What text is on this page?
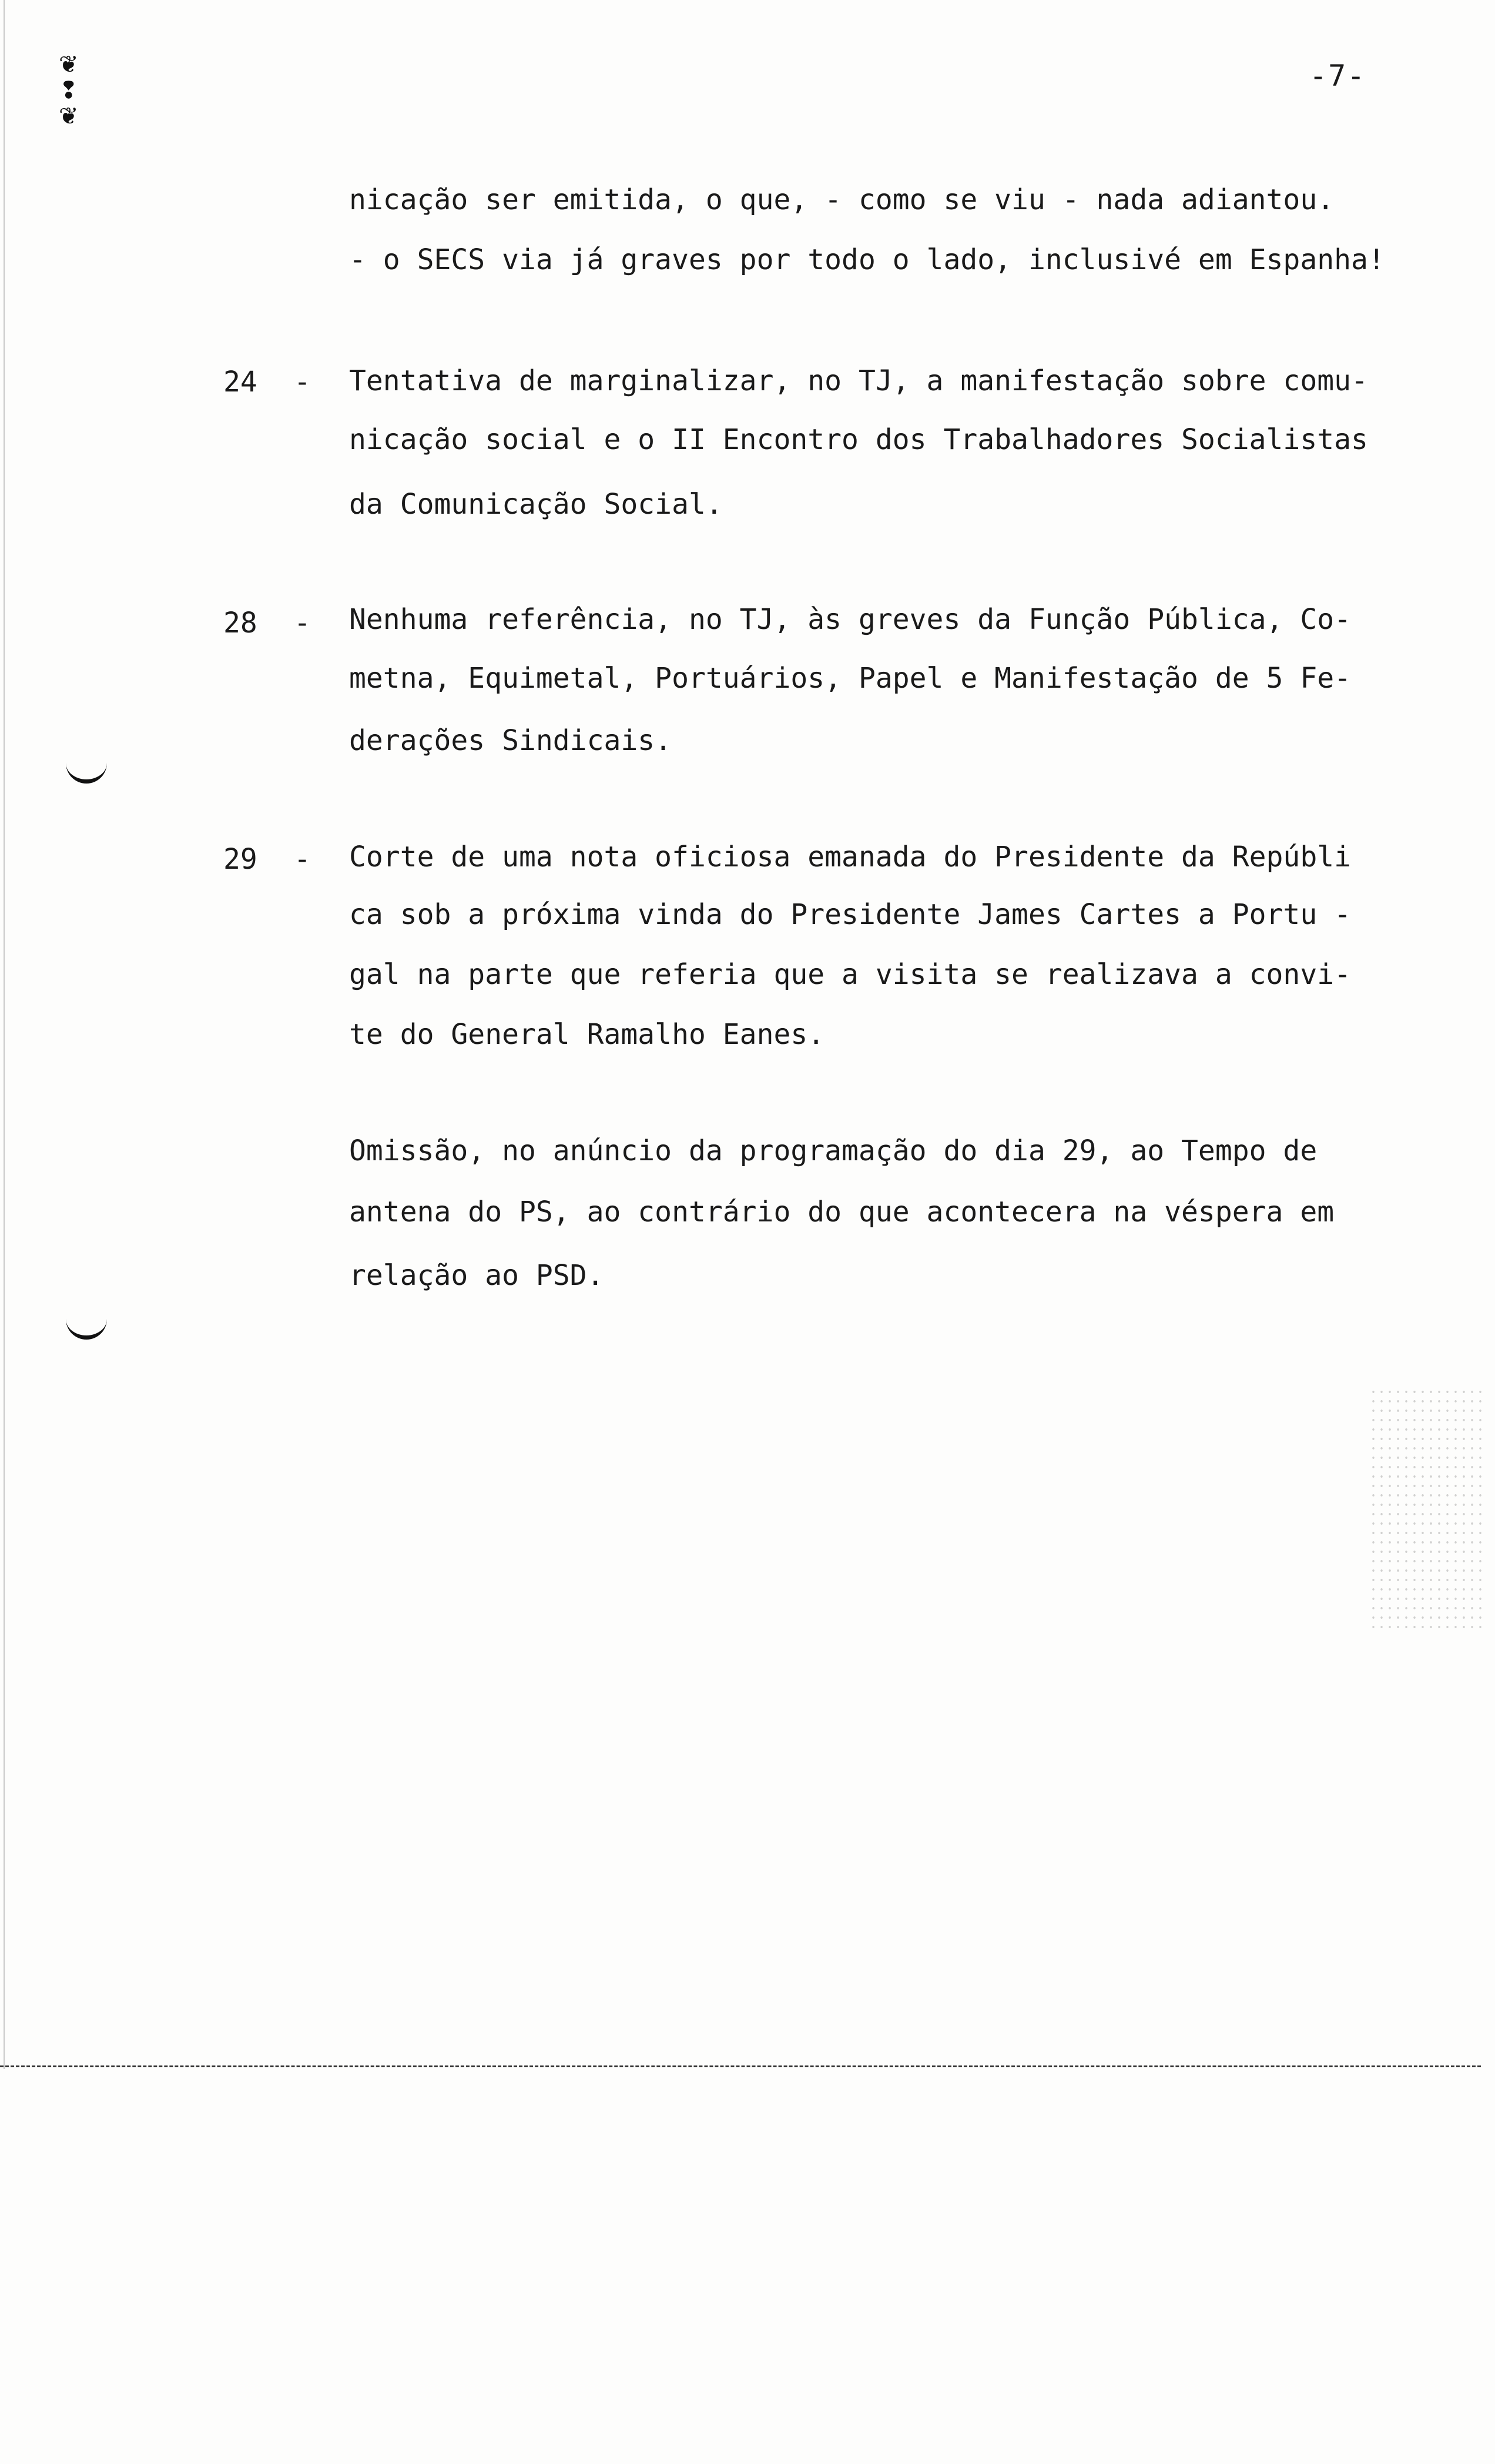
❦
❢
❦
-7-
nicação ser emitida, o que, - como se viu - nada adiantou.
- o SECS via já graves por todo o lado, inclusivé em Espanha!
24 - Tentativa de marginalizar, no TJ, a manifestação sobre comu-
nicação social e o II Encontro dos Trabalhadores Socialistas
da Comunicação Social.
28 - Nenhuma referência, no TJ, às greves da Função Pública, Co-
metna, Equimetal, Portuários, Papel e Manifestação de 5 Fe-
derações Sindicais.
29 - Corte de uma nota oficiosa emanada do Presidente da Repúbli
ca sob a próxima vinda do Presidente James Cartes a Portu -
gal na parte que referia que a visita se realizava a convi-
te do General Ramalho Eanes.
Omissão, no anúncio da programação do dia 29, ao Tempo de
antena do PS, ao contrário do que acontecera na véspera em
relação ao PSD.
